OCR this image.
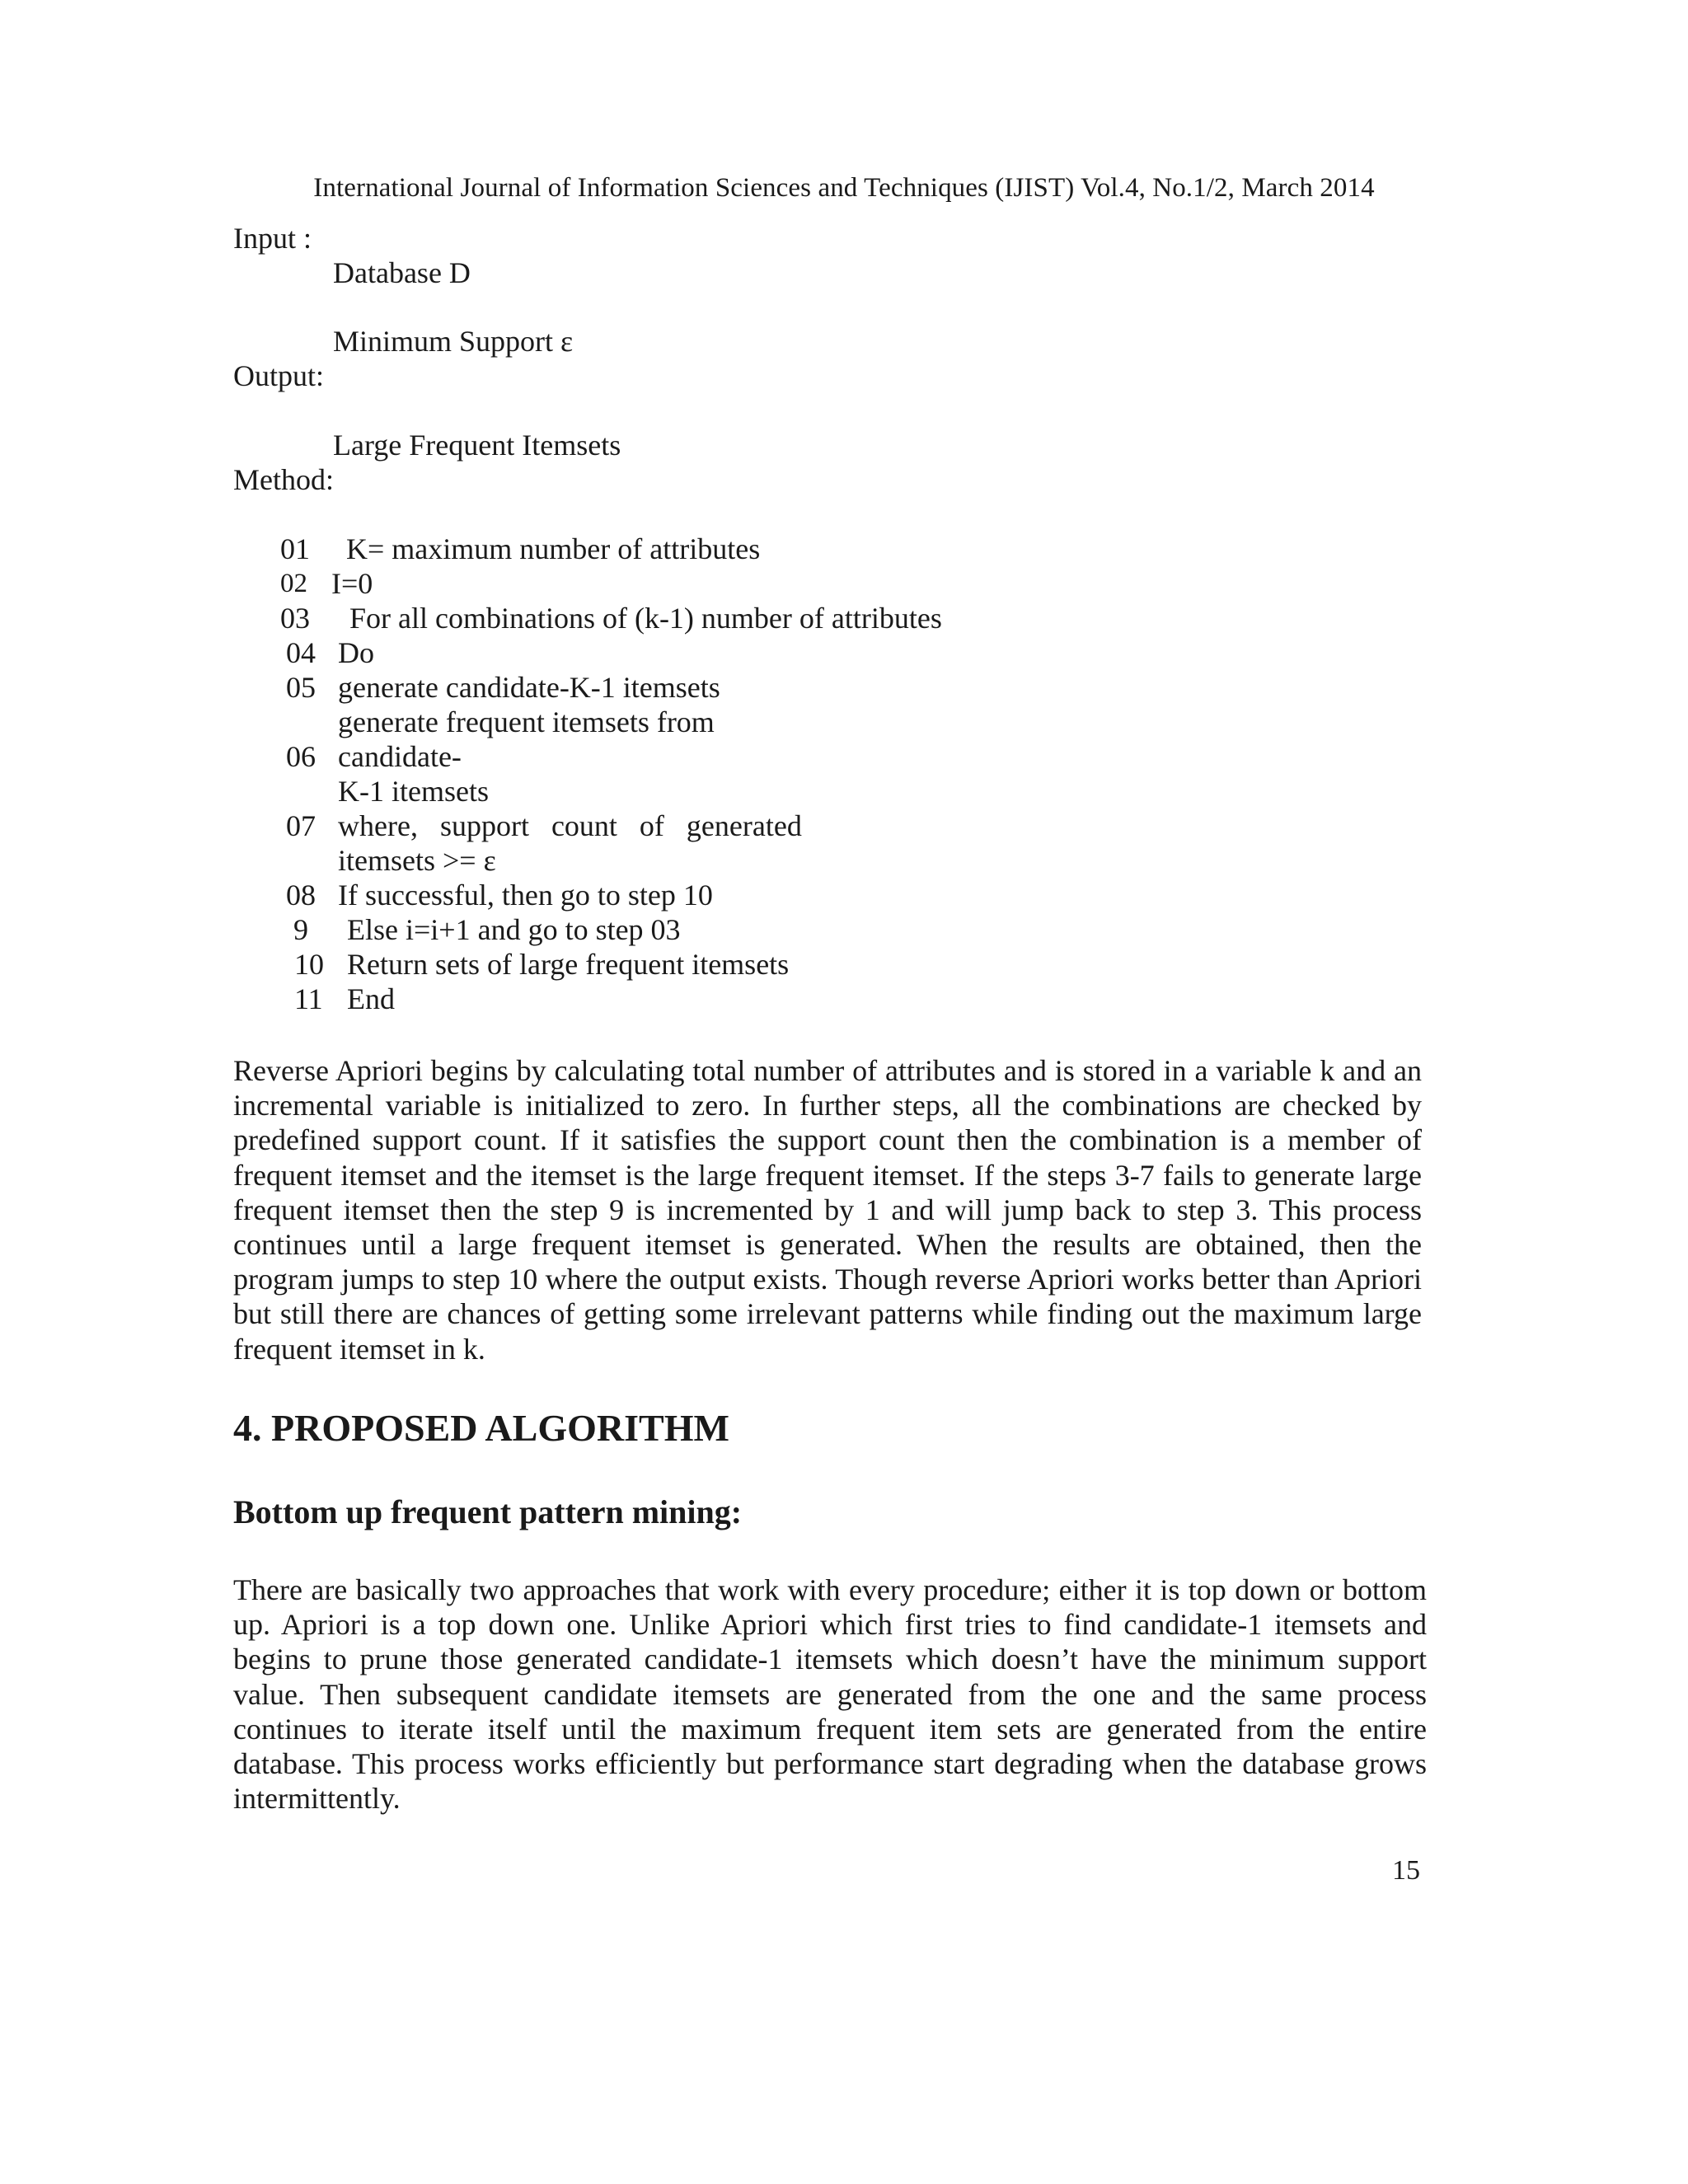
International Journal of Information Sciences and Techniques (IJIST) Vol.4, No.1/2, March 2014
Input :
Database D
Minimum Support ε
Output:
Large Frequent Itemsets
Method:
01 K= maximum number of attributes
02 I=0
03 For all combinations of (k-1) number of attributes
04 Do
05 generate candidate-K-1 itemsets
generate frequent itemsets from
06 candidate-
K-1 itemsets
07 where,   support   count   of   generated
itemsets >= ε
08 If successful, then go to step 10
9 Else i=i+1 and go to step 03
10 Return sets of large frequent itemsets
11 End
Reverse Apriori begins by calculating total number of attributes and is stored in a variable k and an incremental variable is initialized to zero. In further steps, all the combinations are checked by predefined support count. If it satisfies the support count then the combination is a member of frequent itemset and the itemset is the large frequent itemset. If the steps 3-7 fails to generate large frequent itemset then the step 9 is incremented by 1 and will jump back to step 3. This process continues until a large frequent itemset is generated. When the results are obtained, then the program jumps to step 10 where the output exists. Though reverse Apriori works better than Apriori but still there are chances of getting some irrelevant patterns while finding out the maximum large frequent itemset in k.
4. PROPOSED ALGORITHM
Bottom up frequent pattern mining:
There are basically two approaches that work with every procedure; either it is top down or bottom up. Apriori is a top down one. Unlike Apriori which first tries to find candidate-1 itemsets and begins to prune those generated candidate-1 itemsets which doesn’t have the minimum support value. Then subsequent candidate itemsets are generated from the one and the same process continues to iterate itself until the maximum frequent item sets are generated from the entire database. This process works efficiently but performance start degrading when the database grows intermittently.
15
